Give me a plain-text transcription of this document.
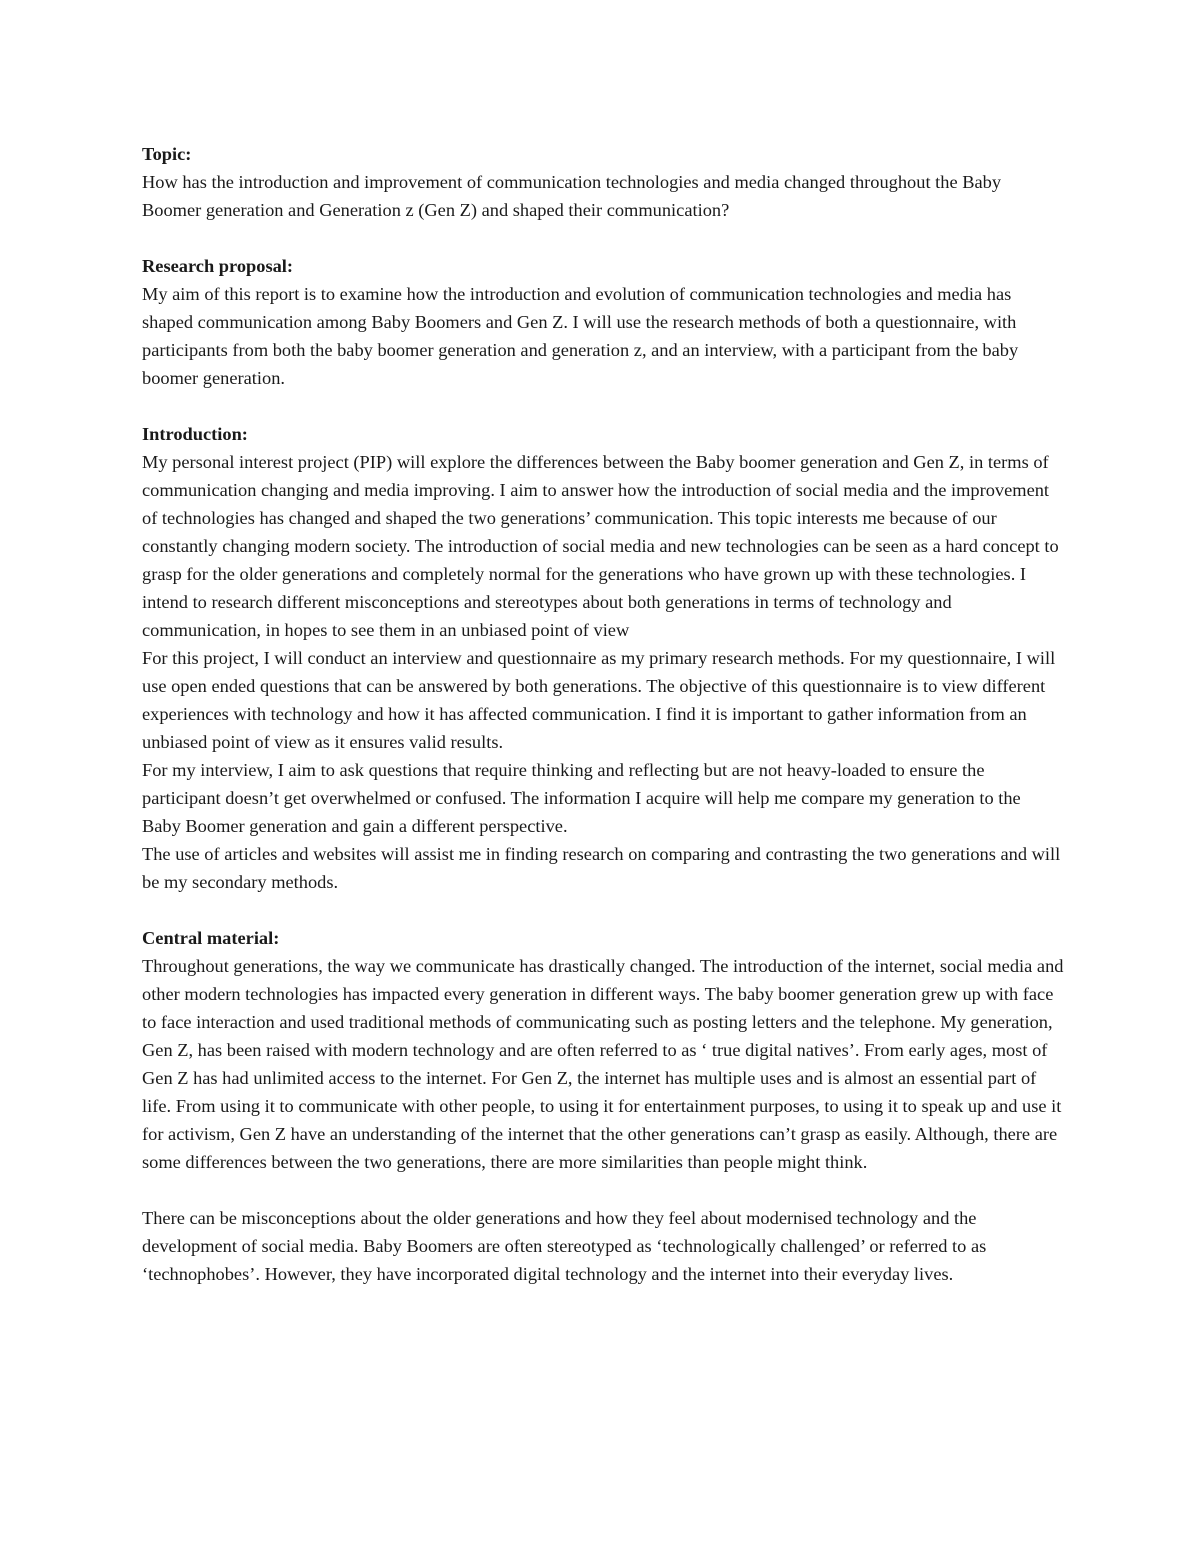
Topic:

How has the introduction and improvement of communication technologies and media changed throughout the Baby Boomer generation and Generation z (Gen Z) and shaped their communication?

Research proposal:

My aim of this report is to examine how the introduction and evolution of communication technologies and media has shaped communication among Baby Boomers and Gen Z. I will use the research methods of both a questionnaire, with participants from both the baby boomer generation and generation z, and an interview, with a participant from the baby boomer generation.

Introduction:

My personal interest project (PIP) will explore the differences between the Baby boomer generation and Gen Z, in terms of communication changing and media improving. I aim to answer how the introduction of social media and the improvement of technologies has changed and shaped the two generations’ communication. This topic interests me because of our constantly changing modern society. The introduction of social media and new technologies can be seen as a hard concept to grasp for the older generations and completely normal for the generations who have grown up with these technologies. I intend to research different misconceptions and stereotypes about both generations in terms of technology and communication, in hopes to see them in an unbiased point of view

For this project, I will conduct an interview and questionnaire as my primary research methods. For my questionnaire, I will use open ended questions that can be answered by both generations. The objective of this questionnaire is to view different experiences with technology and how it has affected communication. I find it is important to gather information from an unbiased point of view as it ensures valid results.

For my interview, I aim to ask questions that require thinking and reflecting but are not heavy-loaded to ensure the participant doesn’t get overwhelmed or confused. The information I acquire will help me compare my generation to the Baby Boomer generation and gain a different perspective.

The use of articles and websites will assist me in finding research on comparing and contrasting the two generations and will be my secondary methods.

Central material:

Throughout generations, the way we communicate has drastically changed. The introduction of the internet, social media and other modern technologies has impacted every generation in different ways. The baby boomer generation grew up with face to face interaction and used traditional methods of communicating such as posting letters and the telephone. My generation, Gen Z, has been raised with modern technology and are often referred to as ‘ true digital natives’. From early ages, most of Gen Z has had unlimited access to the internet. For Gen Z, the internet has multiple uses and is almost an essential part of life. From using it to communicate with other people, to using it for entertainment purposes, to using it to speak up and use it for activism, Gen Z have an understanding of the internet that the other generations can’t grasp as easily. Although, there are some differences between the two generations, there are more similarities than people might think.

There can be misconceptions about the older generations and how they feel about modernised technology and the development of social media. Baby Boomers are often stereotyped as ‘technologically challenged’ or referred to as ‘technophobes’. However, they have incorporated digital technology and the internet into their everyday lives.
